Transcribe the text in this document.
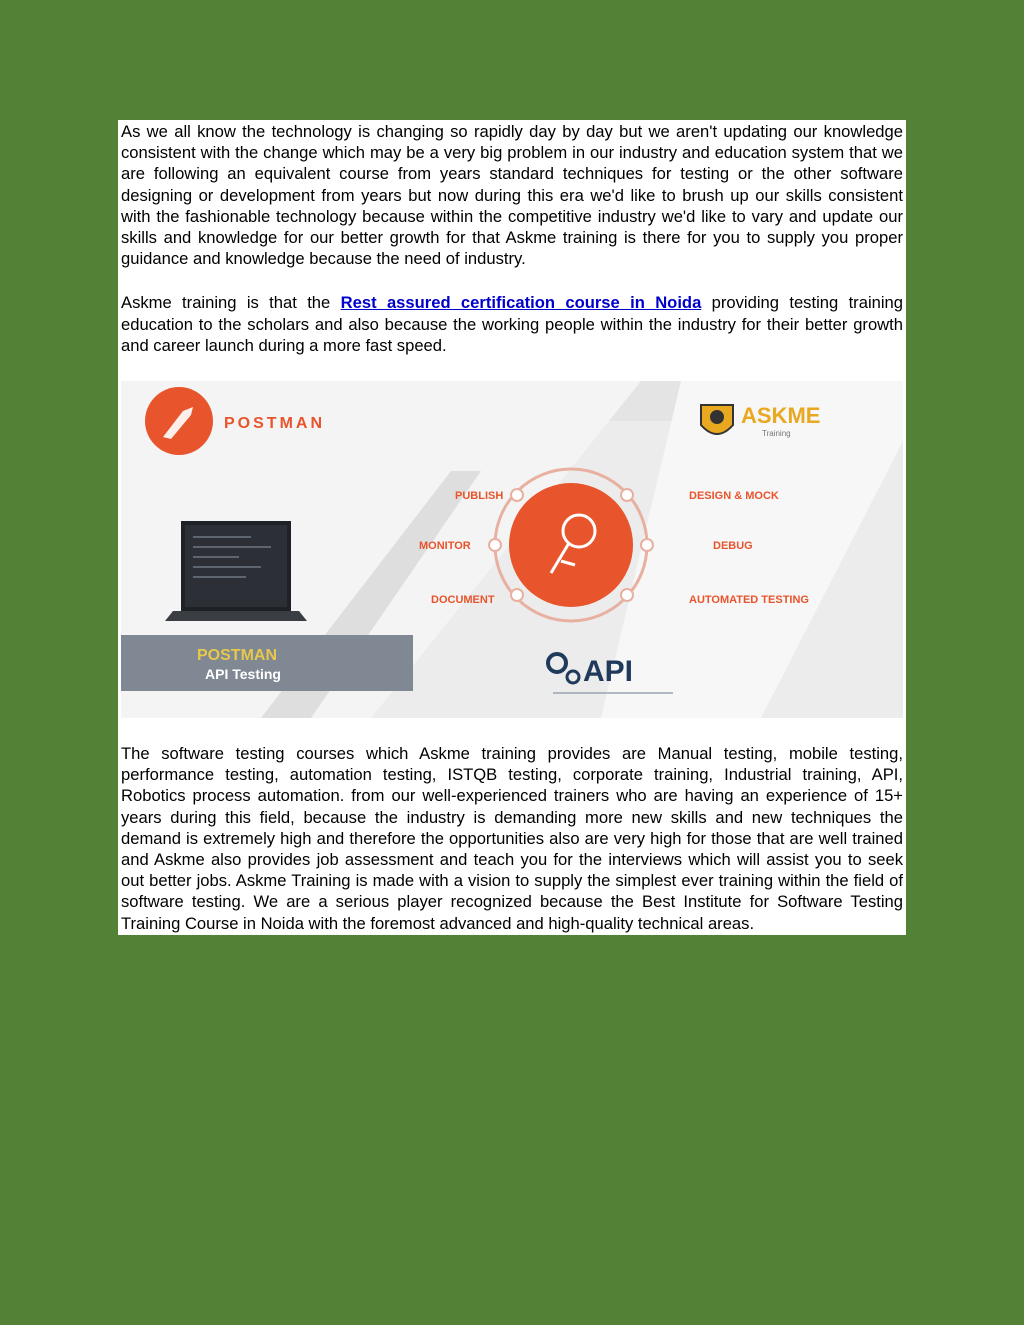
As we all know the technology is changing so rapidly day by day but we aren't updating our knowledge consistent with the change which may be a very big problem in our industry and education system that we are following an equivalent course from years standard techniques for testing or the other software designing or development from years but now during this era we'd like to brush up our skills consistent with the fashionable technology because within the competitive industry we'd like to vary and update our skills and knowledge for our better growth for that Askme training is there for you to supply you proper guidance and knowledge because the need of industry.

Askme training is that the Rest assured certification course in Noida providing testing training education to the scholars and also because the working people within the industry for their better growth and career launch during a more fast speed.

POSTMAN	ASKME
Training
PUBLISH	DESIGN & MOCK
MONITOR	DEBUG
DOCUMENT	AUTOMATED TESTING
POSTMAN
API Testing	API

The software testing courses which Askme training provides are Manual testing, mobile testing, performance testing, automation testing, ISTQB testing, corporate training, Industrial training, API, Robotics process automation. from our well-experienced trainers who are having an experience of 15+ years during this field, because the industry is demanding more new skills and new techniques the demand is extremely high and therefore the opportunities also are very high for those that are well trained and Askme also provides job assessment and teach you for the interviews which will assist you to seek out better jobs. Askme Training is made with a vision to supply the simplest ever training within the field of software testing. We are a serious player recognized because the Best Institute for Software Testing Training Course in Noida with the foremost advanced and high-quality technical areas.
